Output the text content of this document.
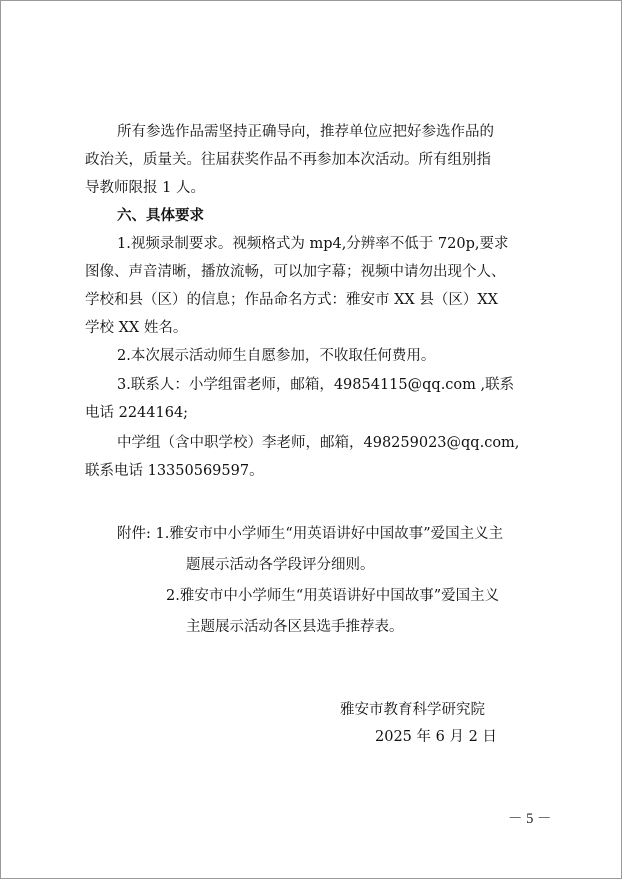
所有参选作品需坚持正确导向，推荐单位应把好参选作品的
政治关，质量关。往届获奖作品不再参加本次活动。所有组别指
导教师限报 1 人。
六、具体要求
1.视频录制要求。视频格式为 mp4,分辨率不低于 720p,要求
图像、声音清晰，播放流畅，可以加字幕；视频中请勿出现个人、
学校和县（区）的信息；作品命名方式：雅安市 XX 县（区）XX
学校 XX 姓名。
2.本次展示活动师生自愿参加，不收取任何费用。
3.联系人：小学组雷老师，邮箱，49854115@qq.com ,联系
电话 2244164;
中学组（含中职学校）李老师，邮箱，498259023@qq.com,
联系电话 13350569597。
附件: 1.雅安市中小学师生“用英语讲好中国故事”爱国主义主
题展示活动各学段评分细则。
2.雅安市中小学师生“用英语讲好中国故事”爱国主义
主题展示活动各区县选手推荐表。
雅安市教育科学研究院
2025 年 6 月 2 日
－ 5 －
